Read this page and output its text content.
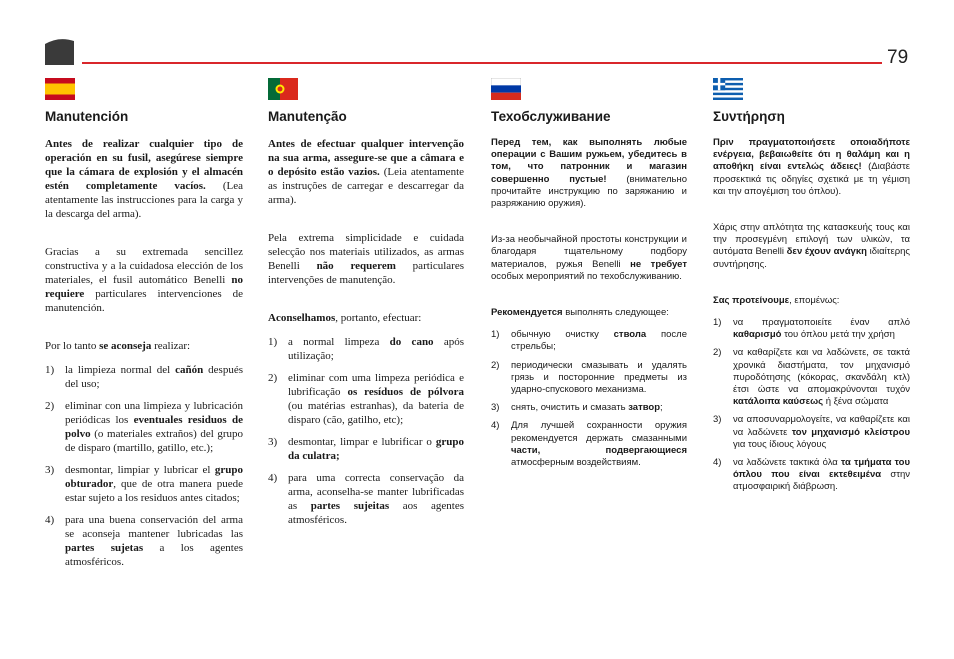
79
Manutención

Antes de realizar cualquier tipo de operación en su fusil, asegúrese siempre que la cámara de explosión y el almacén estén completamente vacíos. (Lea atentamente las instrucciones para la carga y la descarga del arma).

Gracias a su extremada sencillez constructiva y a la cuidadosa elección de los materiales, el fusil automático Benelli no requiere particulares intervenciones de manutención.

Por lo tanto se aconseja realizar:

1) la limpieza normal del cañón después del uso;
2) eliminar con una limpieza y lubricación periódicas los eventuales residuos de polvo (o materiales extraños) del grupo de disparo (martillo, gatillo, etc.);
3) desmontar, limpiar y lubricar el grupo obturador, que de otra manera puede estar sujeto a los residuos antes citados;
4) para una buena conservación del arma se aconseja mantener lubricadas las partes sujetas a los agentes atmosféricos.
Manutenção

Antes de efectuar qualquer intervenção na sua arma, assegure-se que a câmara e o depósito estão vazios. (Leia atentamente as instruções de carregar e descarregar da arma).

Pela extrema simplicidade e cuidada selecção nos materiais utilizados, as armas Benelli não requerem particulares intervenções de manutenção.

Aconselhamos, portanto, efectuar:

1) a normal limpeza do cano após utilização;
2) eliminar com uma limpeza periódica e lubrificação os resíduos de pólvora (ou matérias estranhas), da bateria de disparo (cão, gatilho, etc);
3) desmontar, limpar e lubrificar o grupo da culatra;
4) para uma correcta conservação da arma, aconselha-se manter lubrificadas as partes sujeitas aos agentes atmosféricos.
Техобслуживание

Перед тем, как выполнять любые операции с Вашим ружьем, убедитесь в том, что патронник и магазин совершенно пустые! (внимательно прочитайте инструкцию по заряжанию и разряжанию оружия).

Из-за необычайной простоты конструкции и благодаря тщательному подбору материалов, ружья Benelli не требует особых мероприятий по техобслуживанию.

Рекомендуется выполнять следующее:

1) обычную очистку ствола после стрельбы;
2) периодически смазывать и удалять грязь и посторонние предметы из ударно-спускового механизма.
3) снять, очистить и смазать затвор;
4) Для лучшей сохранности оружия рекомендуется держать смазанными части, подвергающиеся атмосферным воздействиям.
Συντήρηση

Πριν πραγματοποιήσετε οποιαδήποτε ενέργεια, βεβαιωθείτε ότι η θαλάμη και η αποθήκη είναι εντελώς άδειες! (Διαβάστε προσεκτικά τις οδηγίες σχετικά με τη γέμιση και την απογέμιση του όπλου).

Χάρις στην απλότητα της κατασκευής τους και την προσεγμένη επιλογή των υλικών, τα αυτόματα Benelli δεν έχουν ανάγκη ιδιαίτερης συντήρησης.

Σας προτείνουμε, επομένως:

1) να πραγματοποιείτε έναν απλό καθαρισμό του όπλου μετά την χρήση
2) να καθαρίζετε και να λαδώνετε, σε τακτά χρονικά διαστήματα, τον μηχανισμό πυροδότησης (κόκορας, σκανδάλη κτλ) έτσι ώστε να απομακρύνονται τυχόν κατάλοιπα καύσεως ή ξένα σώματα
3) να αποσυναρμολογείτε, να καθαρίζετε και να λαδώνετε τον μηχανισμό κλείστρου για τους ίδιους λόγους
4) να λαδώνετε τακτικά όλα τα τμήματα του όπλου που είναι εκτεθειμένα στην ατμοσφαιρική διάβρωση.
